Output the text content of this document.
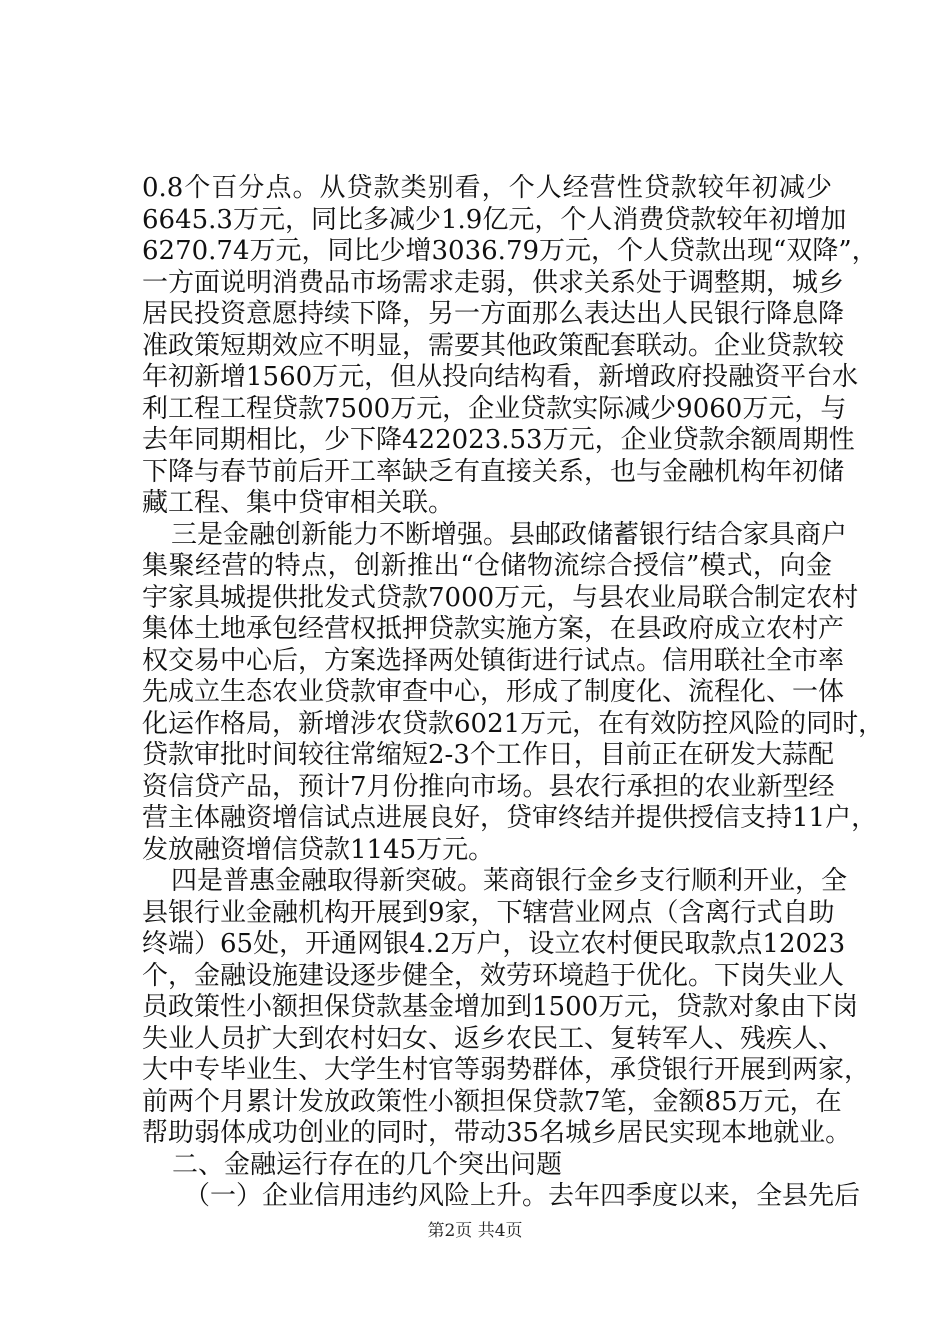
0.8个百分点。从贷款类别看，个人经营性贷款较年初减少
6645.3万元，同比多减少1.9亿元，个人消费贷款较年初增加
6270.74万元，同比少增3036.79万元，个人贷款出现“双降”，
一方面说明消费品市场需求走弱，供求关系处于调整期，城乡
居民投资意愿持续下降，另一方面那么表达出人民银行降息降
准政策短期效应不明显，需要其他政策配套联动。企业贷款较
年初新增1560万元，但从投向结构看，新增政府投融资平台水
利工程工程贷款7500万元，企业贷款实际减少9060万元，与
去年同期相比，少下降422023.53万元，企业贷款余额周期性
下降与春节前后开工率缺乏有直接关系，也与金融机构年初储
藏工程、集中贷审相关联。
三是金融创新能力不断增强。县邮政储蓄银行结合家具商户
集聚经营的特点，创新推出“仓储物流综合授信”模式，向金
宇家具城提供批发式贷款7000万元，与县农业局联合制定农村
集体土地承包经营权抵押贷款实施方案，在县政府成立农村产
权交易中心后，方案选择两处镇街进行试点。信用联社全市率
先成立生态农业贷款审查中心，形成了制度化、流程化、一体
化运作格局，新增涉农贷款6021万元，在有效防控风险的同时，
贷款审批时间较往常缩短2-3个工作日，目前正在研发大蒜配
资信贷产品，预计7月份推向市场。县农行承担的农业新型经
营主体融资增信试点进展良好，贷审终结并提供授信支持11户，
发放融资增信贷款1145万元。
四是普惠金融取得新突破。莱商银行金乡支行顺利开业，全
县银行业金融机构开展到9家，下辖营业网点（含离行式自助
终端）65处，开通网银4.2万户，设立农村便民取款点12023
个，金融设施建设逐步健全，效劳环境趋于优化。下岗失业人
员政策性小额担保贷款基金增加到1500万元，贷款对象由下岗
失业人员扩大到农村妇女、返乡农民工、复转军人、残疾人、
大中专毕业生、大学生村官等弱势群体，承贷银行开展到两家，
前两个月累计发放政策性小额担保贷款7笔，金额85万元，在
帮助弱体成功创业的同时，带动35名城乡居民实现本地就业。
二、金融运行存在的几个突出问题
（一）企业信用违约风险上升。去年四季度以来，全县先后
第2页 共4页
